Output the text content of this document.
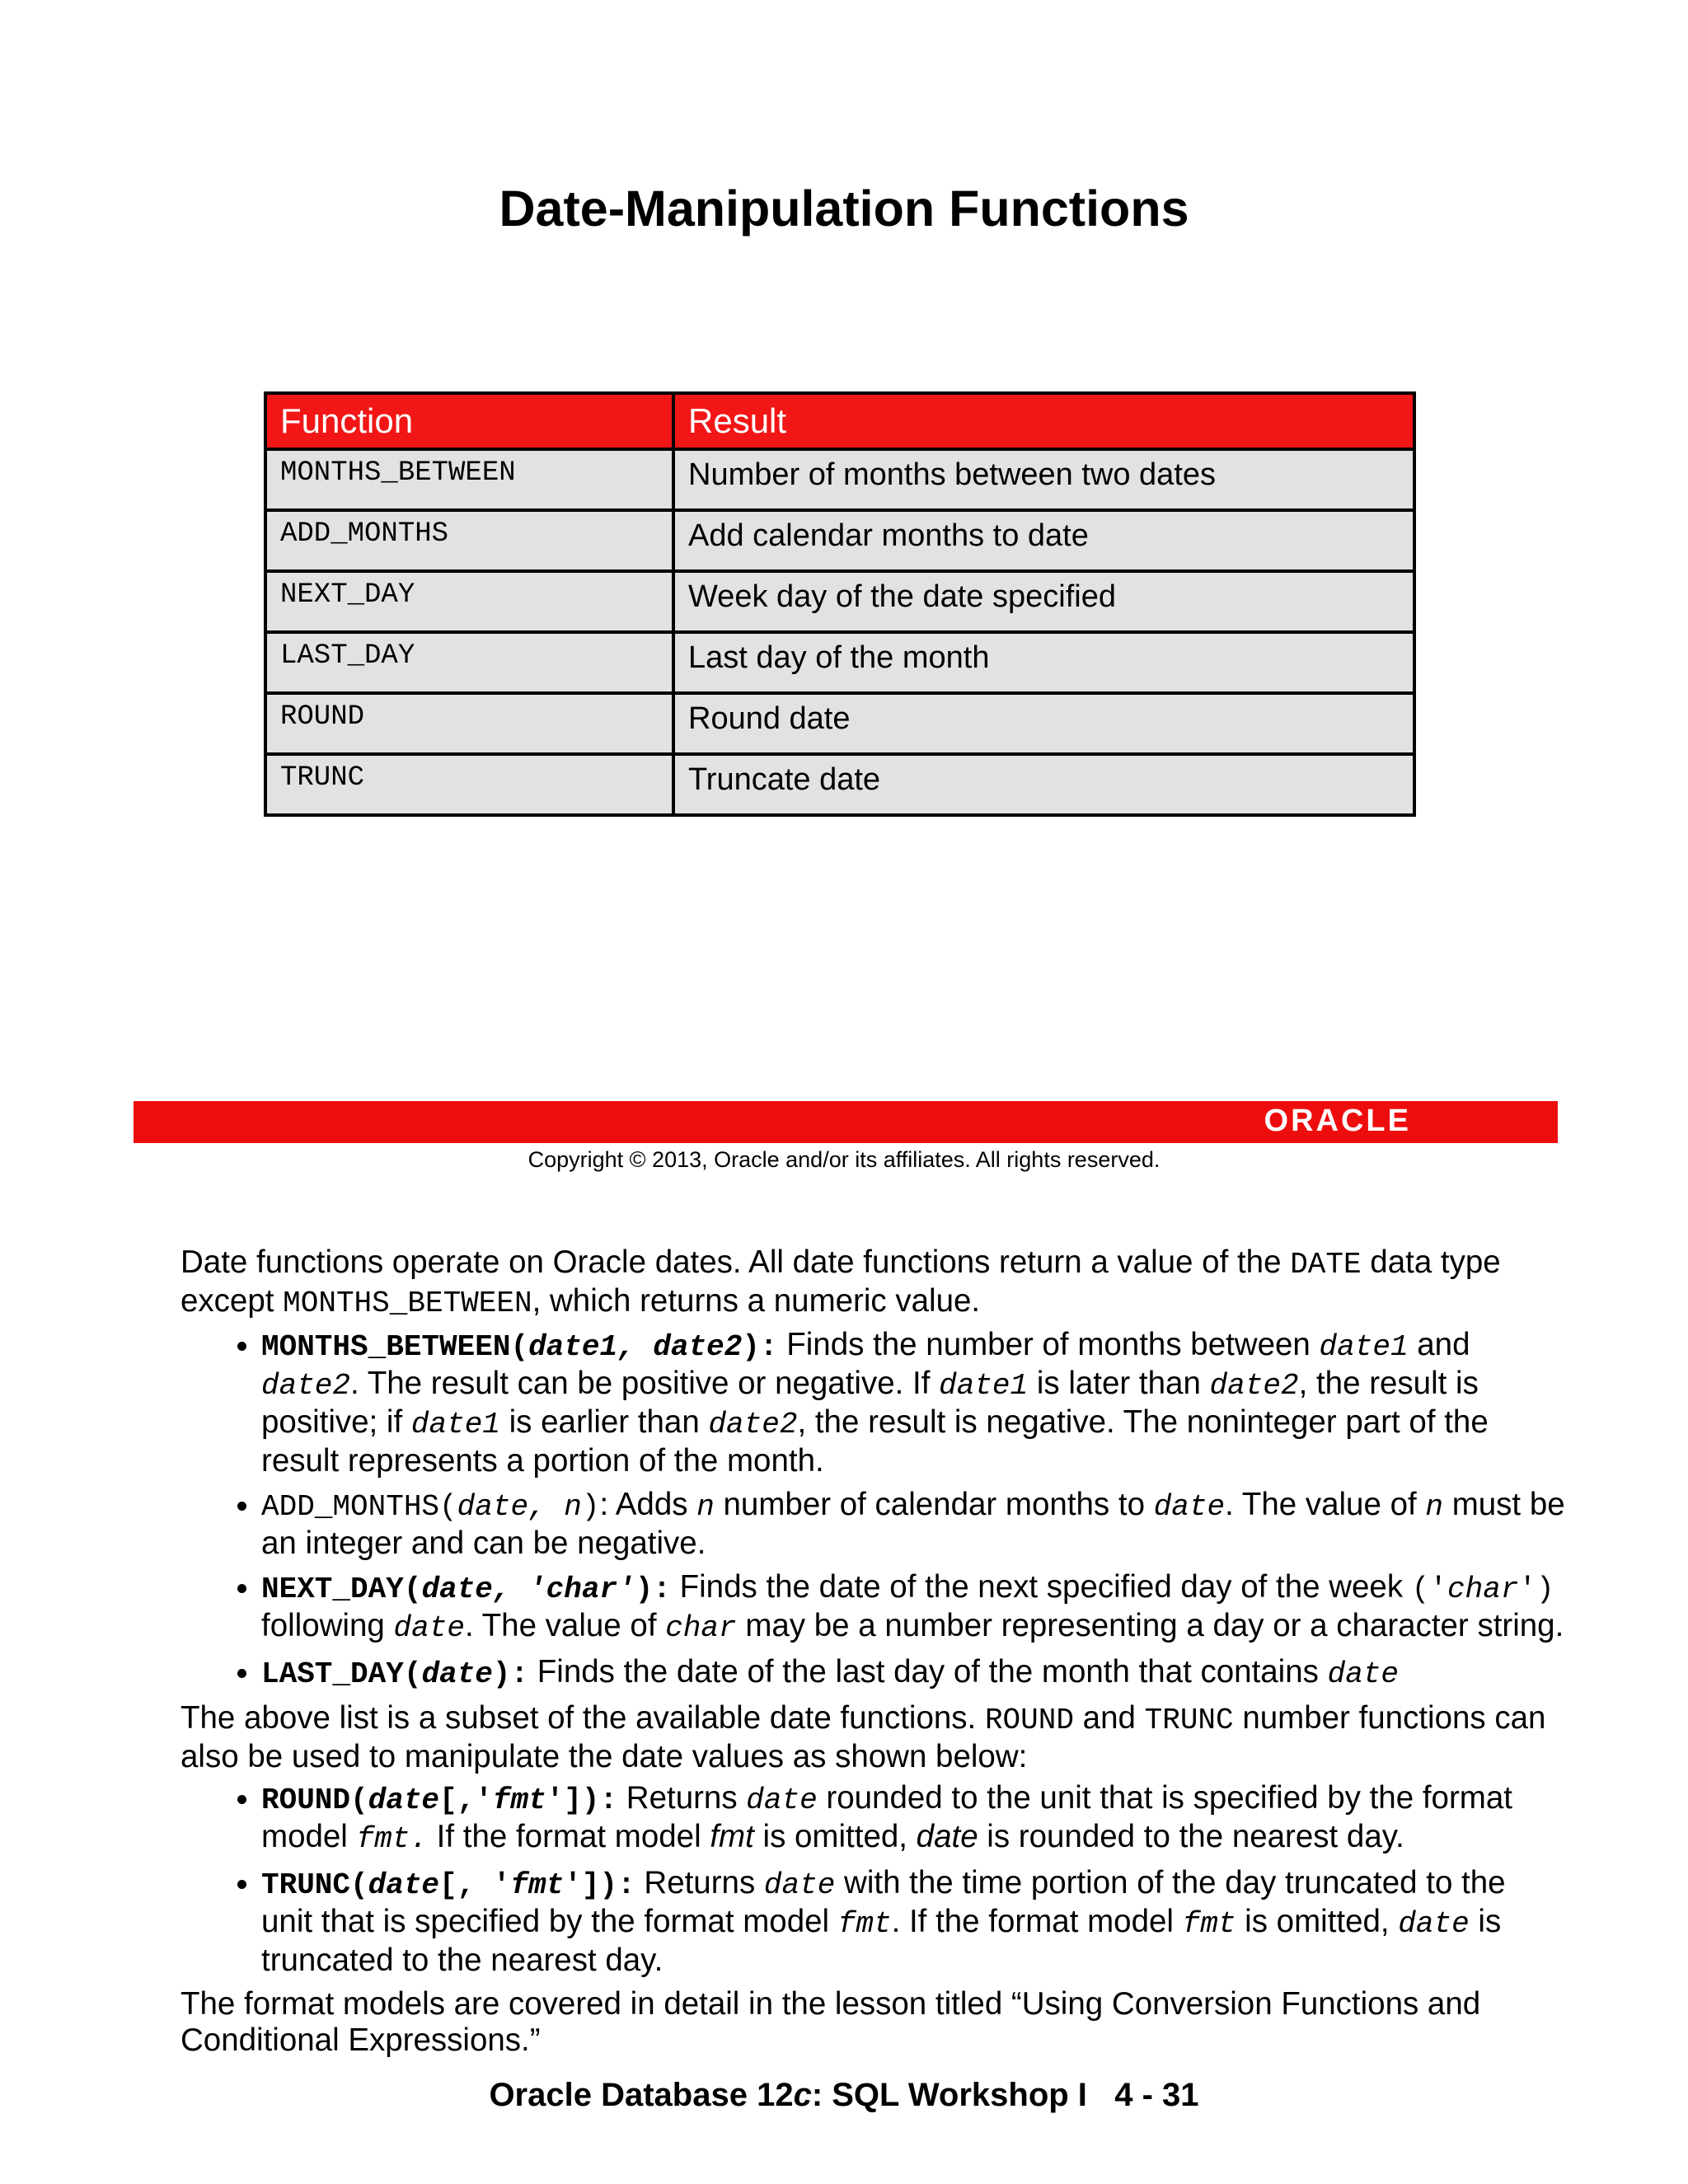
Date-Manipulation Functions
Function	Result
MONTHS_BETWEEN	Number of months between two dates
ADD_MONTHS	Add calendar months to date
NEXT_DAY	Week day of the date specified
LAST_DAY	Last day of the month
ROUND	Round date
TRUNC	Truncate date
ORACLE
Copyright © 2013, Oracle and/or its affiliates. All rights reserved.

Date functions operate on Oracle dates. All date functions return a value of the DATE data type except MONTHS_BETWEEN, which returns a numeric value.

• MONTHS_BETWEEN(date1, date2): Finds the number of months between date1 and date2. The result can be positive or negative. If date1 is later than date2, the result is positive; if date1 is earlier than date2, the result is negative. The noninteger part of the result represents a portion of the month.
• ADD_MONTHS(date, n): Adds n number of calendar months to date. The value of n must be an integer and can be negative.
• NEXT_DAY(date, 'char'): Finds the date of the next specified day of the week ('char') following date. The value of char may be a number representing a day or a character string.
• LAST_DAY(date): Finds the date of the last day of the month that contains date

The above list is a subset of the available date functions. ROUND and TRUNC number functions can also be used to manipulate the date values as shown below:

• ROUND(date[,'fmt']): Returns date rounded to the unit that is specified by the format model fmt. If the format model fmt is omitted, date is rounded to the nearest day.
• TRUNC(date[, 'fmt']): Returns date with the time portion of the day truncated to the unit that is specified by the format model fmt. If the format model fmt is omitted, date is truncated to the nearest day.

The format models are covered in detail in the lesson titled “Using Conversion Functions and Conditional Expressions.”

Oracle Database 12c: SQL Workshop I 4 - 31
